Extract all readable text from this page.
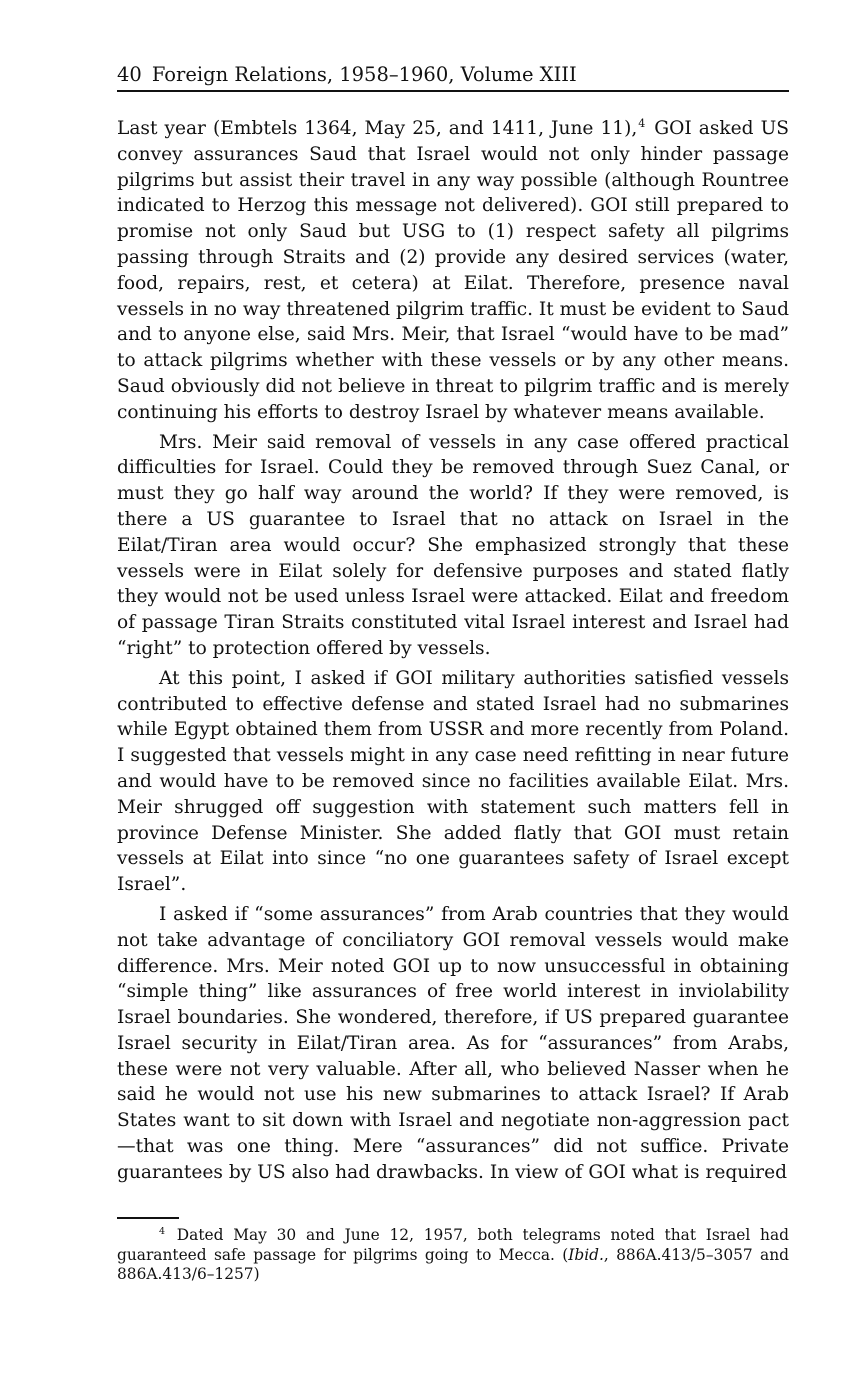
40 Foreign Relations, 1958–1960, Volume XIII

Last year (Embtels 1364, May 25, and 1411, June 11),$^4$ GOI asked US convey assurances Saud that Israel would not only hinder passage pilgrims but assist their travel in any way possible (although Rountree indicated to Herzog this message not delivered). GOI still prepared to promise not only Saud but USG to (1) respect safety all pilgrims passing through Straits and (2) provide any desired services (water, food, repairs, rest, et cetera) at Eilat. Therefore, presence naval vessels in no way threatened pilgrim traffic. It must be evident to Saud and to anyone else, said Mrs. Meir, that Israel “would have to be mad” to attack pilgrims whether with these vessels or by any other means. Saud obviously did not believe in threat to pilgrim traffic and is merely continuing his efforts to destroy Israel by whatever means available.

Mrs. Meir said removal of vessels in any case offered practical difficulties for Israel. Could they be removed through Suez Canal, or must they go half way around the world? If they were removed, is there a US guarantee to Israel that no attack on Israel in the Eilat/Tiran area would occur? She emphasized strongly that these vessels were in Eilat solely for defensive purposes and stated flatly they would not be used unless Israel were attacked. Eilat and freedom of passage Tiran Straits constituted vital Israel interest and Israel had “right” to protection offered by vessels.

At this point, I asked if GOI military authorities satisfied vessels contributed to effective defense and stated Israel had no submarines while Egypt obtained them from USSR and more recently from Poland. I suggested that vessels might in any case need refitting in near future and would have to be removed since no facilities available Eilat. Mrs. Meir shrugged off suggestion with statement such matters fell in province Defense Minister. She added flatly that GOI must retain vessels at Eilat into since “no one guarantees safety of Israel except Israel”.

I asked if “some assurances” from Arab countries that they would not take advantage of conciliatory GOI removal vessels would make difference. Mrs. Meir noted GOI up to now unsuccessful in obtaining “simple thing” like assurances of free world interest in inviolability Israel boundaries. She wondered, therefore, if US prepared guarantee Israel security in Eilat/Tiran area. As for “assurances” from Arabs, these were not very valuable. After all, who believed Nasser when he said he would not use his new submarines to attack Israel? If Arab States want to sit down with Israel and negotiate non-aggression pact—that was one thing. Mere “assurances” did not suffice. Private guarantees by US also had drawbacks. In view of GOI what is required

$^4$ Dated May 30 and June 12, 1957, both telegrams noted that Israel had guaranteed safe passage for pilgrims going to Mecca. (Ibid., 886A.413/5–3057 and 886A.413/6–1257)
